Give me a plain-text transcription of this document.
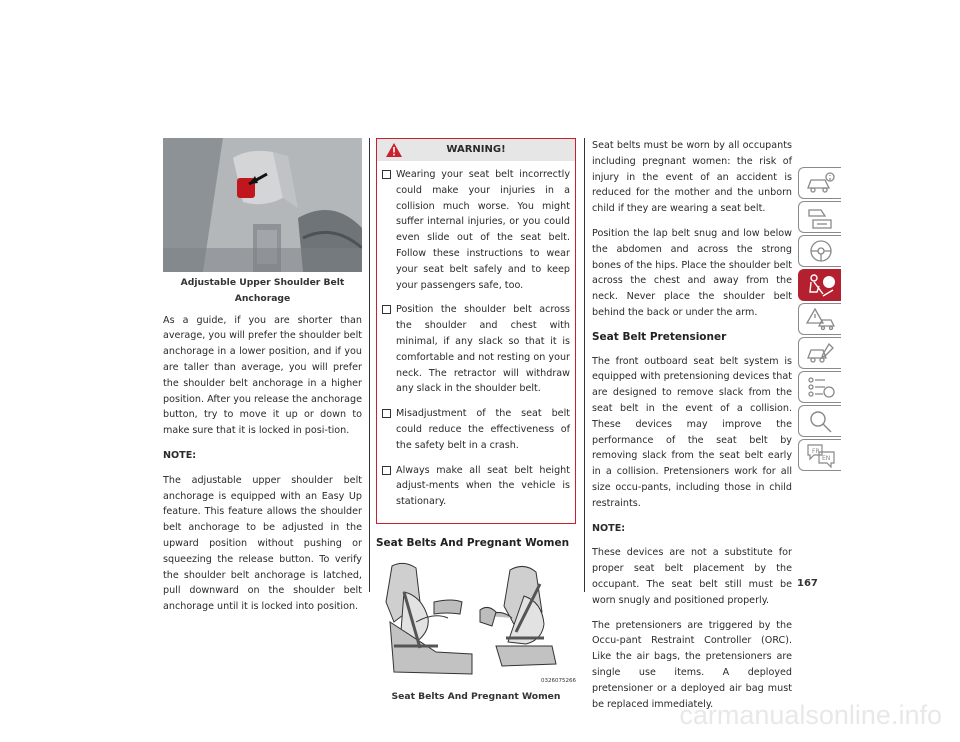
Adjustable Upper Shoulder Belt Anchorage

As a guide, if you are shorter than average, you will prefer the shoulder belt anchorage in a lower position, and if you are taller than average, you will prefer the shoulder belt anchorage in a higher position. After you release the anchorage button, try to move it up or down to make sure that it is locked in posi-tion.

NOTE:

The adjustable upper shoulder belt anchorage is equipped with an Easy Up feature. This feature allows the shoulder belt anchorage to be adjusted in the upward position without pushing or squeezing the release button. To verify the shoulder belt anchorage is latched, pull downward on the shoulder belt anchorage until it is locked into position.

WARNING!
Wearing your seat belt incorrectly could make your injuries in a collision much worse. You might suffer internal injuries, or you could even slide out of the seat belt. Follow these instructions to wear your seat belt safely and to keep your passengers safe, too.
Position the shoulder belt across the shoulder and chest with minimal, if any slack so that it is comfortable and not resting on your neck. The retractor will withdraw any slack in the shoulder belt.
Misadjustment of the seat belt could reduce the effectiveness of the safety belt in a crash.
Always make all seat belt height adjust-ments when the vehicle is stationary.
Seat Belts And Pregnant Women
0326075266
Seat Belts And Pregnant Women

Seat belts must be worn by all occupants including pregnant women: the risk of injury in the event of an accident is reduced for the mother and the unborn child if they are wearing a seat belt.

Position the lap belt snug and low below the abdomen and across the strong bones of the hips. Place the shoulder belt across the chest and away from the neck. Never place the shoulder belt behind the back or under the arm.

Seat Belt Pretensioner

The front outboard seat belt system is equipped with pretensioning devices that are designed to remove slack from the seat belt in the event of a collision. These devices may improve the performance of the seat belt by removing slack from the seat belt early in a collision. Pretensioners work for all size occu-pants, including those in child restraints.

NOTE:

These devices are not a substitute for proper seat belt placement by the occupant. The seat belt still must be worn snugly and positioned properly.

The pretensioners are triggered by the Occu-pant Restraint Controller (ORC). Like the air bags, the pretensioners are single use items. A deployed pretensioner or a deployed air bag must be replaced immediately.

167
FR
EN
carmanualsonline.info
